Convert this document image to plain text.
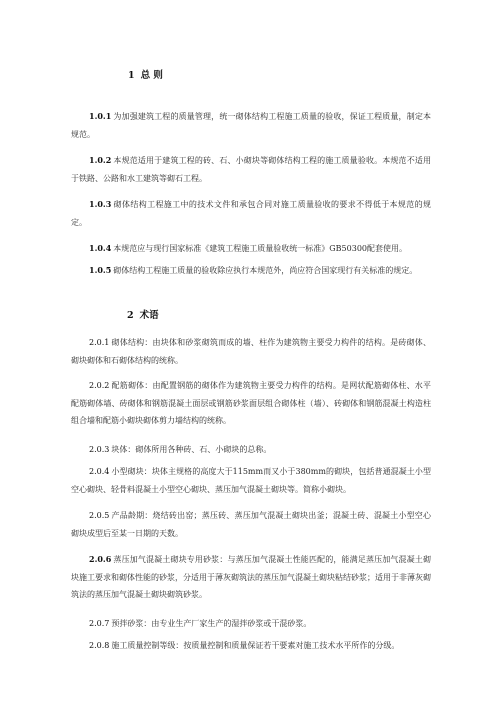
1 总 则
1.0.1 为加强建筑工程的质量管理，统一砌体结构工程施工质量的验收，保证工程质量，制定本规范。
1.0.2 本规范适用于建筑工程的砖、石、小砌块等砌体结构工程的施工质量验收。本规范不适用于铁路、公路和水工建筑等砌石工程。
1.0.3 砌体结构工程施工中的技术文件和承包合同对施工质量验收的要求不得低于本规范的规定。
1.0.4 本规范应与现行国家标准《建筑工程施工质量验收统一标准》GB50300配套使用。
1.0.5 砌体结构工程施工质量的验收除应执行本规范外，尚应符合国家现行有关标准的规定。
2 术语
2.0.1 砌体结构：由块体和砂浆砌筑而成的墙、柱作为建筑物主要受力构件的结构。是砖砌体、砌块砌体和石砌体结构的统称。
2.0.2 配筋砌体：由配置钢筋的砌体作为建筑物主要受力构件的结构。是网状配筋砌体柱、水平配筋砌体墙、砖砌体和钢筋混凝土面层或钢筋砂浆面层组合砌体柱（墙）、砖砌体和钢筋混凝土构造柱组合墙和配筋小砌块砌体剪力墙结构的统称。
2.0.3 块体：砌体所用各种砖、石、小砌块的总称。
2.0.4 小型砌块：块体主规格的高度大于115mm而又小于380mm的砌块，包括普通混凝土小型空心砌块、轻骨料混凝土小型空心砌块、蒸压加气混凝土砌块等。简称小砌块。
2.0.5 产品龄期：烧结砖出窑；蒸压砖、蒸压加气混凝土砌块出釜；混凝土砖、混凝土小型空心砌块成型后至某一日期的天数。
2.0.6 蒸压加气混凝土砌块专用砂浆：与蒸压加气混凝土性能匹配的，能满足蒸压加气混凝土砌块施工要求和砌体性能的砂浆，分适用于薄灰砌筑法的蒸压加气混凝土砌块粘结砂浆；适用于非薄灰砌筑法的蒸压加气混凝土砌块砌筑砂浆。
2.0.7 预拌砂浆：由专业生产厂家生产的湿拌砂浆或干混砂浆。
2.0.8 施工质量控制等级：按质量控制和质量保证若干要素对施工技术水平所作的分级。
